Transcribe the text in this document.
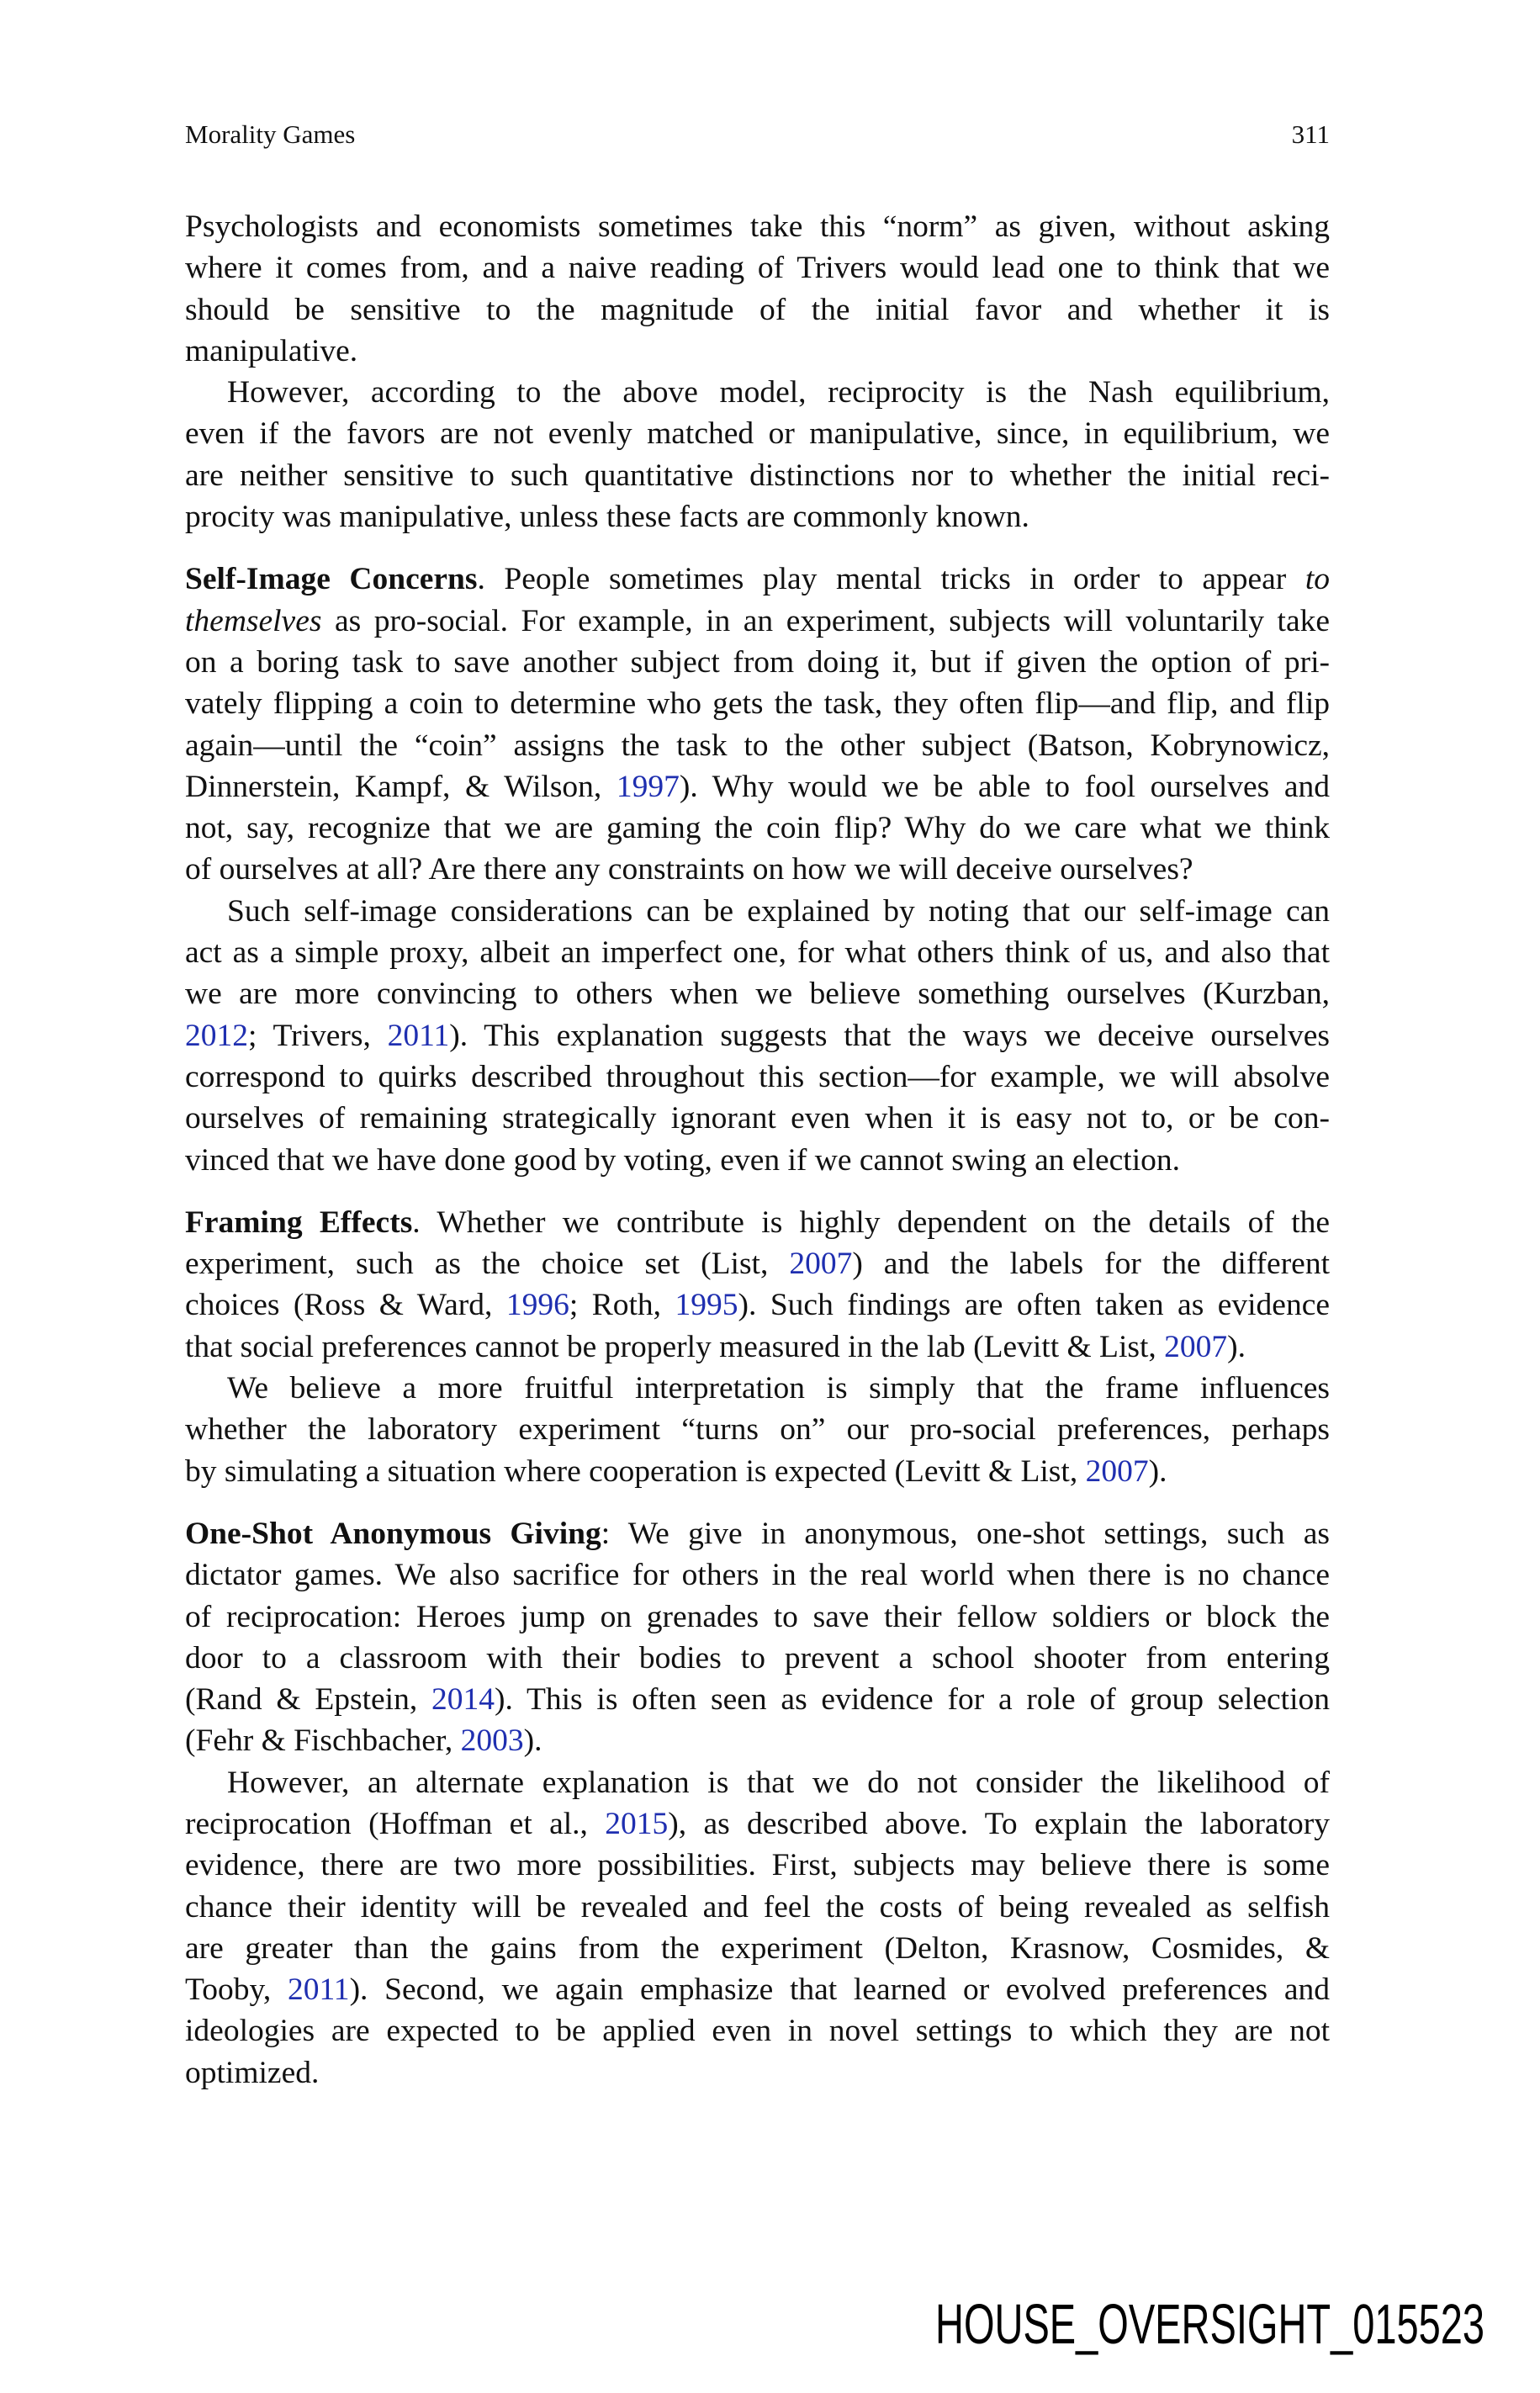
Morality Games	311
Psychologists and economists sometimes take this “norm” as given, without asking
where it comes from, and a naive reading of Trivers would lead one to think that we
should be sensitive to the magnitude of the initial favor and whether it is
manipulative.
However, according to the above model, reciprocity is the Nash equilibrium,
even if the favors are not evenly matched or manipulative, since, in equilibrium, we
are neither sensitive to such quantitative distinctions nor to whether the initial reci-
procity was manipulative, unless these facts are commonly known.
Self-Image Concerns. People sometimes play mental tricks in order to appear to
themselves as pro-social. For example, in an experiment, subjects will voluntarily take
on a boring task to save another subject from doing it, but if given the option of pri-
vately flipping a coin to determine who gets the task, they often flip—and flip, and flip
again—until the “coin” assigns the task to the other subject (Batson, Kobrynowicz,
Dinnerstein, Kampf, & Wilson, 1997). Why would we be able to fool ourselves and
not, say, recognize that we are gaming the coin flip? Why do we care what we think
of ourselves at all? Are there any constraints on how we will deceive ourselves?
Such self-image considerations can be explained by noting that our self-image can
act as a simple proxy, albeit an imperfect one, for what others think of us, and also that
we are more convincing to others when we believe something ourselves (Kurzban,
2012; Trivers, 2011). This explanation suggests that the ways we deceive ourselves
correspond to quirks described throughout this section—for example, we will absolve
ourselves of remaining strategically ignorant even when it is easy not to, or be con-
vinced that we have done good by voting, even if we cannot swing an election.
Framing Effects. Whether we contribute is highly dependent on the details of the
experiment, such as the choice set (List, 2007) and the labels for the different
choices (Ross & Ward, 1996; Roth, 1995). Such findings are often taken as evidence
that social preferences cannot be properly measured in the lab (Levitt & List, 2007).
We believe a more fruitful interpretation is simply that the frame influences
whether the laboratory experiment “turns on” our pro-social preferences, perhaps
by simulating a situation where cooperation is expected (Levitt & List, 2007).
One-Shot Anonymous Giving: We give in anonymous, one-shot settings, such as
dictator games. We also sacrifice for others in the real world when there is no chance
of reciprocation: Heroes jump on grenades to save their fellow soldiers or block the
door to a classroom with their bodies to prevent a school shooter from entering
(Rand & Epstein, 2014). This is often seen as evidence for a role of group selection
(Fehr & Fischbacher, 2003).
However, an alternate explanation is that we do not consider the likelihood of
reciprocation (Hoffman et al., 2015), as described above. To explain the laboratory
evidence, there are two more possibilities. First, subjects may believe there is some
chance their identity will be revealed and feel the costs of being revealed as selfish
are greater than the gains from the experiment (Delton, Krasnow, Cosmides, &
Tooby, 2011). Second, we again emphasize that learned or evolved preferences and
ideologies are expected to be applied even in novel settings to which they are not
optimized.
HOUSE_OVERSIGHT_015523
